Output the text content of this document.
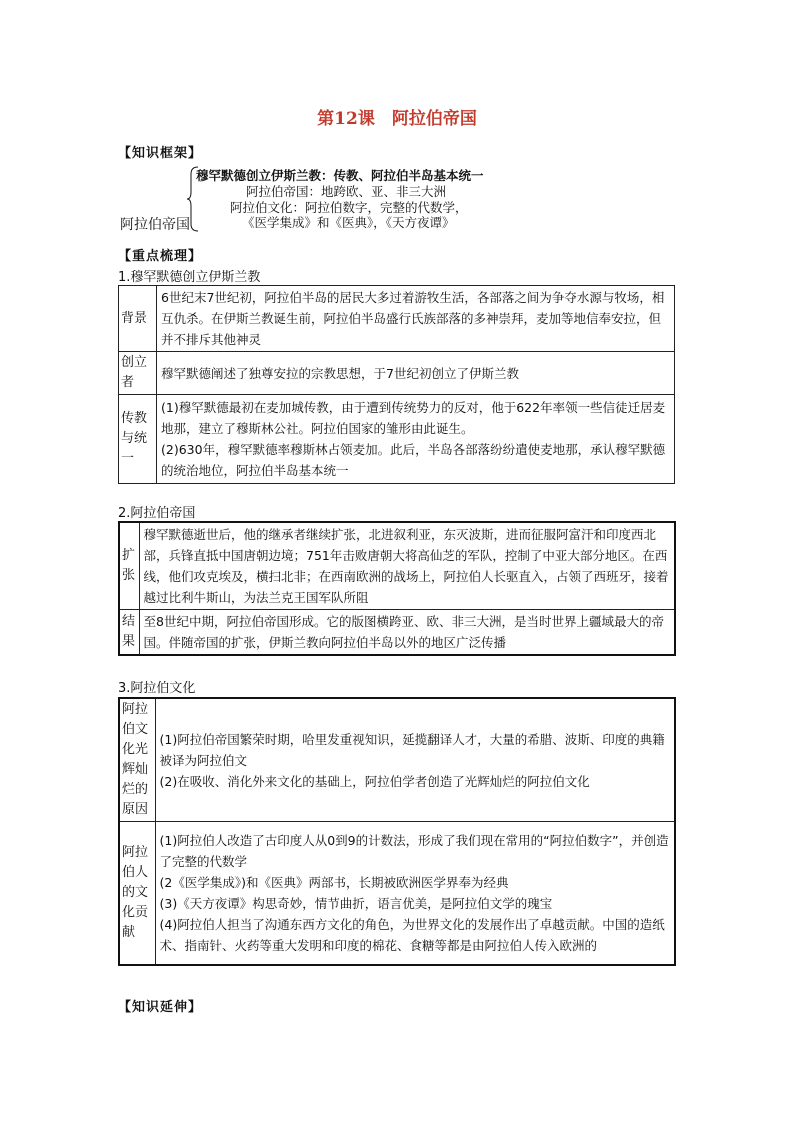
第12课　阿拉伯帝国
【知识框架】
阿拉伯帝国
穆罕默德创立伊斯兰教：传教、阿拉伯半岛基本统一
阿拉伯帝国：地跨欧、亚、非三大洲
阿拉伯文化：阿拉伯数字，完整的代数学，
《医学集成》和《医典》，《天方夜谭》
【重点梳理】
1.穆罕默德创立伊斯兰教
背景	6世纪末7世纪初，阿拉伯半岛的居民大多过着游牧生活，各部落之间为争夺水源与牧场，相互仇杀。在伊斯兰教诞生前，阿拉伯半岛盛行氏族部落的多神崇拜，麦加等地信奉安拉，但并不排斥其他神灵
创立者	穆罕默德阐述了独尊安拉的宗教思想，于7世纪初创立了伊斯兰教
传教与统一	(1)穆罕默德最初在麦加城传教，由于遭到传统势力的反对，他于622年率领一些信徒迁居麦地那，建立了穆斯林公社。阿拉伯国家的雏形由此诞生。

(2)630年，穆罕默德率穆斯林占领麦加。此后，半岛各部落纷纷遣使麦地那，承认穆罕默德的统治地位，阿拉伯半岛基本统一

2.阿拉伯帝国
扩张	穆罕默德逝世后，他的继承者继续扩张，北进叙利亚，东灭波斯，进而征服阿富汗和印度西北部，兵锋直抵中国唐朝边境；751年击败唐朝大将高仙芝的军队，控制了中亚大部分地区。在西线，他们攻克埃及，横扫北非；在西南欧洲的战场上，阿拉伯人长驱直入，占领了西班牙，接着越过比利牛斯山，为法兰克王国军队所阻
结果	至8世纪中期，阿拉伯帝国形成。它的版图横跨亚、欧、非三大洲，是当时世界上疆域最大的帝国。伴随帝国的扩张，伊斯兰教向阿拉伯半岛以外的地区广泛传播
3.阿拉伯文化
阿拉伯文化光辉灿烂的原因	(1)阿拉伯帝国繁荣时期，哈里发重视知识，延揽翻译人才，大量的希腊、波斯、印度的典籍被译为阿拉伯文

(2)在吸收、消化外来文化的基础上，阿拉伯学者创造了光辉灿烂的阿拉伯文化

阿拉伯人的文化贡献	(1)阿拉伯人改造了古印度人从0到9的计数法，形成了我们现在常用的“阿拉伯数字”，并创造了完整的代数学

(2《医学集成》)和《医典》两部书，长期被欧洲医学界奉为经典

(3)《天方夜谭》构思奇妙，情节曲折，语言优美，是阿拉伯文学的瑰宝

(4)阿拉伯人担当了沟通东西方文化的角色，为世界文化的发展作出了卓越贡献。中国的造纸术、指南针、火药等重大发明和印度的棉花、食糖等都是由阿拉伯人传入欧洲的

【知识延伸】
